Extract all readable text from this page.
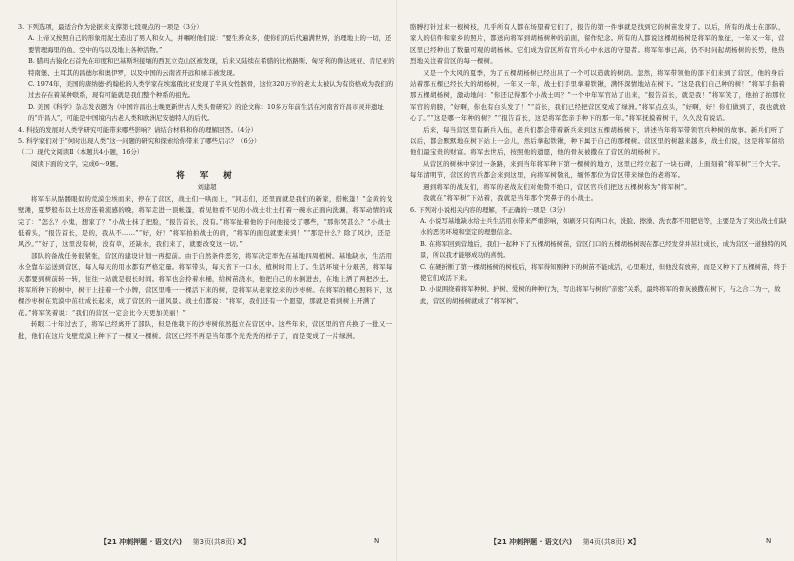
3. 下列选项，最适合作为论据来支撑第七段观点的一项是（3分）

A. 上帝又按照自己的形象用泥土造出了男人和女人，并嘱咐他们说：“要生养众多，使你们的后代遍满世界，治理地上的一切，还要管理海里的鱼、空中的鸟以及地上各种活物。”

B. 腊玛古猿化石首先在印度和巴基斯坦接壤的西瓦立克山区被发现，后来又陆续在希腊的比格路斯、匈牙利的鲁达班亚、肯尼亚的特南堡、土耳其的昌德尔和奥伊罗，以及中国的云南省开远和禄丰被发现。

C. 1974年，美国的唐纳德·约翰松的人类学家在埃塞俄比亚发现了半具女性骸骨，这位320万岁的老太太被认为有资格成为我们的过去存在着某种联系，现有可能就是我们整个种系的祖先。

D. 美国《科学》杂志发表题为《中国许昌出土晚更新世古人类头骨研究》的论文称：10多万年前生活在河南省许昌市灵井遗址的“许昌人”，可能是中国境内古老人类和欧洲尼安德特人的后代。

4. 科技的发展对人类学研究可能带来哪些影响？请结合材料和你的理解回答。（4分）

5. 科学家们对于“何时出现人类”这一问题的研究和探索给你带来了哪些启示？（6分）

（二）现代文阅读Ⅱ（本题共4小题，16分）

阅读下面的文字，完成6～9题。

将 军 树

刘建超

将军车从骷髅眼似的荒漠尘埃而来，停在了营区，战士们一哄而上，“同志们，还里面就是我们的新家，搭帐篷！”金黄的戈壁滩，夏梦般布以土坯房连着流感的晚，将军走进一顶帐篷，看见他看不见的小战士壮士打着一碗水正面向洗涮，将军动情的咸完了：“怎么？小鬼，想家了？”小战士抹了把脸，“报告首长，没有。”将军扯着他的手问他接受了哪些，“那你哭甚么？”小战士低着头，“报告首长，是的，我从不……”“好，好！”将军拍拍战士的肩，“将军的面包就要来到！”“那是什么？除了风沙，还是风沙。”“好了，这里没有树，没有草，还缺水，我们来了，就要改变这一切。”

部队的备战任务很紧张，营区的建设计划一再提前。由于自然条件恶劣，将军决定率先在基地四周植树。基地缺水，生活用水全靠车运送到营区，每人每天的用水都有严格定量。将军带头，每天省下一口水，植树时用上了。生活环境十分艰苦，将军每天都要到树前转一转，往往一站就是很长时间。将军也会拎着水桶，给树苗浇水，他把自己的水倒进去，在地上洒了两把沙土。将军所种下的树中，树干上挂着一个小牌，营区里唯一一棵活下来的树，是将军从老家挖来的沙枣树。在将军的精心照料下，这棵沙枣树在荒漠中茁壮成长起来，成了营区的一道风景。战士们都说：“将军，我们还有一个愿望，那就是看到树上开满了花。”将军笑着说：“我们的营区一定会比今天更加美丽！”

转眼二十年过去了，将军已经离开了部队，但是他栽下的沙枣树依然挺立在营区中。这些年来，营区里的官兵换了一批又一批，他们在这片戈壁荒漠上种下了一棵又一棵树。营区已经不再是当年那个光秃秃的样子了，而是变成了一片绿洲。

胳膊打针过来一根树枝，几乎所有人都在场望着它们了，报告的第一件事就是找到它的树苗发芽了。以后，所有的战士在部队，家人的信件和家乡的照片，都送向将军到胡杨树种的前面，留作纪念。所有的人都说这棵胡杨树是将军的象征，一年又一年，营区里已经种出了数量可观的胡杨林。它们成为营区所有官兵心中永远的守望者。将军年事已高，仍不时问起胡杨树的长势，他热烈地关注着营区的每一棵树。

又是一个大风的夏季，为了五棵胡杨树已经出具了一个可以造就的树荫。忽然，将军带领他的部下们来到了营区，他的身后站着那五棵已经长大的胡杨树，一年又一年，战士们手里拿着铁锹，满怀深情地站在树下。“这是我们自己种的树！”将军手指着那五棵胡杨树，激动地问：“你还记得那个小战士吗？”一个中年军官站了出来，“报告首长，就是我！”将军笑了，他拍了拍那位军官的肩膀，“好啊，你也有白头发了！”“首长，我们已经把营区变成了绿洲。”将军点点头，“好啊，好！你们做到了，我也就放心了。”“这是哪一年种的树？”“报告首长，这是将军您亲手种下的那一年。”将军抚摸着树干，久久没有说话。

后来，每当营区里有新兵入伍，老兵们都会带着新兵来到这五棵胡杨树下，讲述当年将军带领官兵种树的故事。新兵们听了以后，都会默默地在树下站上一会儿，然后拿起铁锹，种下属于自己的那棵树。营区里的树越来越多，战士们说，这是将军留给他们最宝贵的财富。将军去世后，按照他的遗愿，他的骨灰被撒在了营区的胡杨树下。

从营区的树林中穿过一条路，来到当年将军种下第一棵树的地方，这里已经立起了一块石碑，上面刻着“将军树”三个大字。每年清明节，营区的官兵都会来到这里，向将军树敬礼，缅怀那位为营区带来绿色的老将军。

遇到将军的战友们，将军的老战友们对他赞不绝口，营区官兵们把这五棵树称为“将军树”。

我就在“将军树”下站着，我就是当年那个哭鼻子的小战士。

6. 下列对小说相关内容的理解，不正确的一项是（3分）

A. 小说写基地缺水给士兵生活用水带来严重影响，如刷牙只有两口水，洗脸、擦澡、洗衣都不用肥皂等，主要是为了突出战士们缺水的恶劣环境和坚定的理想信念。

B. 在将军回到营地后，我们一起种下了五棵胡杨树苗，营区门口的五棵胡杨树现在都已经发芽并茁壮成长，成为营区一道独特的风景，所以我才能够成功的喜悦。

C. 在硬折断了第一棵胡杨树的树枝后，将军得知刚种下的树苗不能成活，心里难过，但他没有放弃，而是又种下了五棵树苗，终于使它们成活下来。

D. 小说围绕着将军种树、护树、爱树的种种行为，写出将军与树的“亲密”关系，最终将军的骨灰被撒在树下，与之合二为一，故此，营区的胡杨树就成了“将军树”。

【21 冲刺押题 · 语文(六) 第3页(共8页) X】	N	【21 冲刺押题 · 语文(六) 第4页(共8页) X】	N
